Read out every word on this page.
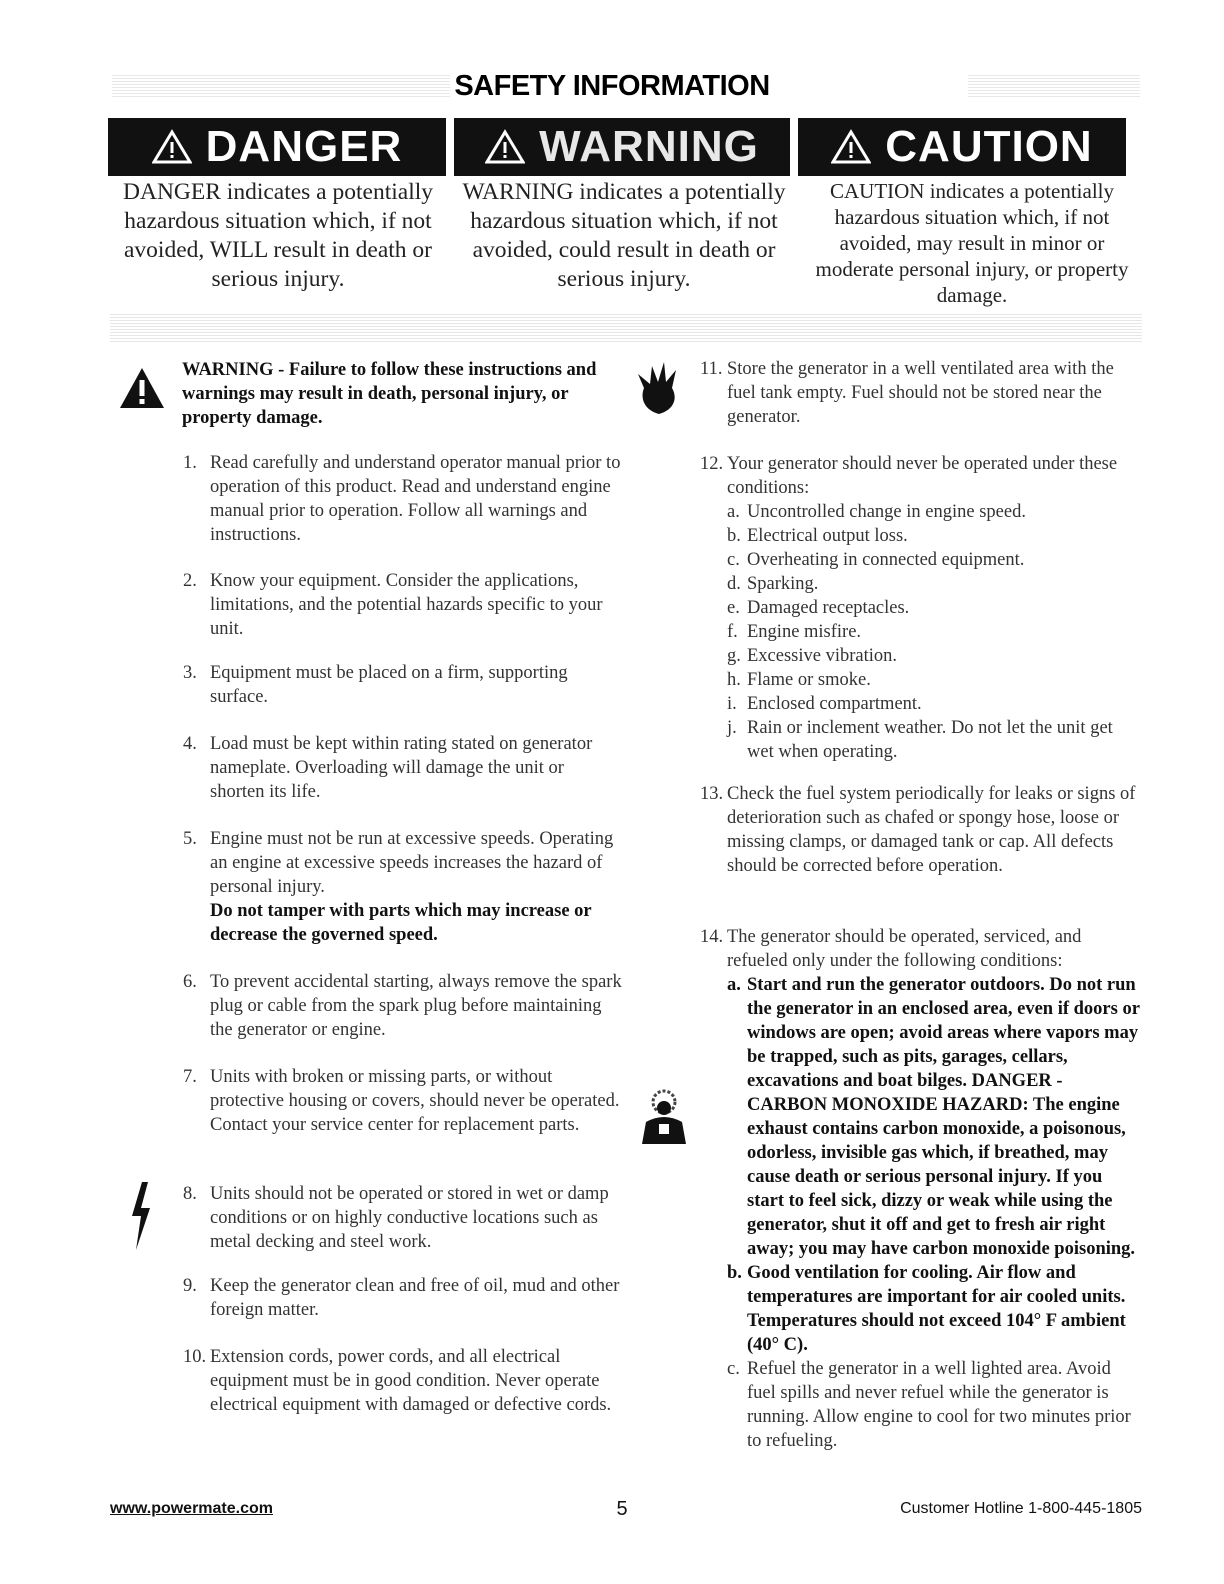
SAFETY INFORMATION
DANGER	WARNING	CAUTION
DANGER indicates a potentially hazardous situation which, if not avoided, WILL result in death or serious injury.
WARNING indicates a potentially hazardous situation which, if not avoided, could result in death or serious injury.
CAUTION indicates a potentially hazardous situation which, if not avoided, may result in minor or moderate personal injury, or property damage.
WARNING - Failure to follow these instructions and warnings may result in death, personal injury, or property damage.
1. Read carefully and understand operator manual prior to operation of this product. Read and understand engine manual prior to operation. Follow all warnings and instructions.
2. Know your equipment. Consider the applications, limitations, and the potential hazards specific to your unit.
3. Equipment must be placed on a firm, supporting surface.
4. Load must be kept within rating stated on generator nameplate. Overloading will damage the unit or shorten its life.
5. Engine must not be run at excessive speeds. Operating an engine at excessive speeds increases the hazard of personal injury.
Do not tamper with parts which may increase or decrease the governed speed.
6. To prevent accidental starting, always remove the spark plug or cable from the spark plug before maintaining the generator or engine.
7. Units with broken or missing parts, or without protective housing or covers, should never be operated. Contact your service center for replacement parts.
8. Units should not be operated or stored in wet or damp conditions or on highly conductive locations such as metal decking and steel work.
9. Keep the generator clean and free of oil, mud and other foreign matter.
10. Extension cords, power cords, and all electrical equipment must be in good condition. Never operate electrical equipment with damaged or defective cords.
11. Store the generator in a well ventilated area with the fuel tank empty. Fuel should not be stored near the generator.
12. Your generator should never be operated under these conditions:
a. Uncontrolled change in engine speed.
b. Electrical output loss.
c. Overheating in connected equipment.
d. Sparking.
e. Damaged receptacles.
f. Engine misfire.
g. Excessive vibration.
h. Flame or smoke.
i. Enclosed compartment.
j. Rain or inclement weather. Do not let the unit get wet when operating.
13. Check the fuel system periodically for leaks or signs of deterioration such as chafed or spongy hose, loose or missing clamps, or damaged tank or cap. All defects should be corrected before operation.
14. The generator should be operated, serviced, and refueled only under the following conditions:
a. Start and run the generator outdoors. Do not run the generator in an enclosed area, even if doors or windows are open; avoid areas where vapors may be trapped, such as pits, garages, cellars, excavations and boat bilges. DANGER - CARBON MONOXIDE HAZARD: The engine exhaust contains carbon monoxide, a poisonous, odorless, invisible gas which, if breathed, may cause death or serious personal injury. If you start to feel sick, dizzy or weak while using the generator, shut it off and get to fresh air right away; you may have carbon monoxide poisoning.
b. Good ventilation for cooling. Air flow and temperatures are important for air cooled units. Temperatures should not exceed 104° F ambient (40° C).
c. Refuel the generator in a well lighted area. Avoid fuel spills and never refuel while the generator is running. Allow engine to cool for two minutes prior to refueling.
www.powermate.com	5	Customer Hotline 1-800-445-1805
